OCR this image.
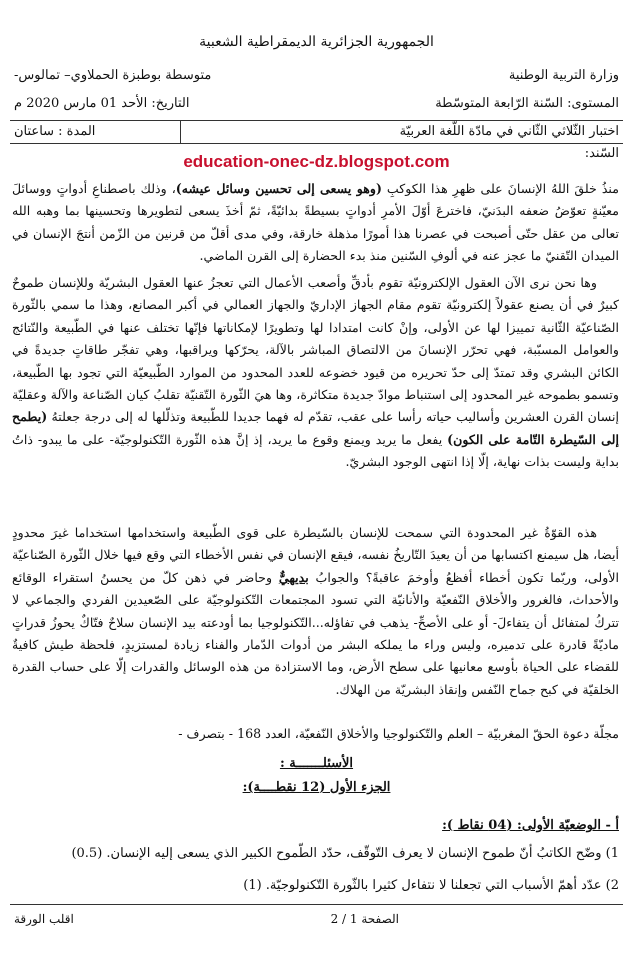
الجمهورية الجزائرية الديمقراطية الشعبية
وزارة التربية الوطنية
متوسطة بوطبزة الحملاوي– تمالوس-
المستوى: السّنة الرّابعة المتوسّطة
التاريخ: الأحد 01 مارس 2020 م
اختبار الثّلاثي الثّاني في مادّة اللّغة العربيّة
المدة : ساعتان
السّند:
education-onec-dz.blogspot.com
منذُ خلقَ اللهُ الإنسانَ على ظهرِ هذا الكوكبِ (وهو يسعى إلى تحسين وسائل عيشه)، وذلك باصطناعِ أدواتٍ ووسائلَ معيّنةٍ تعوّضُ ضعفه البدَنيّ، فاخترعَ أوّلَ الأمرِ أدواتٍ بسيطةً بدائيّةً، ثمّ أخذَ يسعى لتطويرها وتحسينها بما وهبه الله تعالى من عقل حتّى أصبحت في عصرنا هذا أمورًا مذهلة خارقة، وفي مدى أقلّ من قرنين من الزّمن أنتجَ الإنسان في الميدان التّقنيّ ما عجز عنه في ألوفِ السّنين منذ بدء الحضارة إلى القرن الماضي.
وها نحن نرى الآن العقول الإلكترونيّة تقوم بأدقِّ وأصعب الأعمال التي تعجزُ عنها العقول البشريّة وللإنسان طموحٌ كبيرٌ في أن يصنع عقولاً إلكترونيّة تقوم مقام الجهاز الإداريّ والجهاز العمالي في أكبر المصانع، وهذا ما سمي بالثّورة الصّناعيّة الثّانية تمييزا لها عن الأولى، وإنْ كانت امتدادا لها وتطويرًا لإمكاناتها فإنّها تختلف عنها في الطّبيعة والنّتائج والعوامل المسبّبة، فهي تحرّر الإنسانَ من الالتصاق المباشر بالآلة، يحرّكها ويراقبها، وهي تفجّر طاقاتٍ جديدةً في الكائن البشري وقد تمتدّ إلى حدّ تحريره من قيود خضوعه للعدد المحدود من الموارد الطّبيعيّة التي تجود بها الطّبيعة، وتسمو بطموحه غير المحدود إلى استنباط موادّ جديدة متكاثرة، وها هيَ الثّورة التّقنيّة تقلبُ كيان الصّناعة والآلة وعقليّة إنسان القرن العشرين وأساليب حياته رأسا على عقب، تقدّم له فهما جديدا للطّبيعة وتذلّلها له إلى درجة جعلتهُ (يطمح إلى السّيطرة التّامة على الكون) يفعل ما يريد ويمنع وقوع ما يريد، إذ إنَّ هذه الثّورة التّكنولوجيّة- على ما يبدو- ذاتُ بداية وليست بذات نهاية، إلّا إذا انتهى الوجود البشريّ.
هذه القوّةُ غير المحدودة التي سمحت للإنسان بالسّيطرة على قوى الطّبيعة واستخدامها استخداما غيرَ محدودٍ أيضا، هل سيمنع اكتسابها من أن يعيدَ التّاريخُ نفسه، فيقع الإنسان في نفس الأخطاء التي وقع فيها خلال الثّورة الصّناعيّة الأولى، وربّما تكون أخطاء أفظعُ وأوخمَ عاقبةً؟ والجوابُ بديهيٌّ وحاضر في ذهن كلّ من يحسنُ استقراء الوقائع والأحداث، فالغرور والأخلاق النّفعيّة والأنانيّة التي تسود المجتمعات التّكنولوجيّة على الصّعيدين الفردي والجماعي لا تتركُ لمتفائل أن يتفاءلَ- أو على الأصحِّ- يذهب في تفاؤله...التّكنولوجيا بما أودعته بيد الإنسان سلاحٌ فتّاكٌ يحوزُ قدراتٍ ماديّةً قادرة على تدميره، وليس وراء ما يملكه البشر من أدوات الدّمار والفناء زيادة لمستزيدٍ، فلحظة طيش كافيةٌ للقضاء على الحياة بأوسع معانيها على سطح الأرض، وما الاستزادة من هذه الوسائل والقدرات إلّا على حساب القدرة الخلقيّة في كبح جماح النّفس وإنقاذ البشريّة من الهلاك.
مجلّة دعوة الحقّ المغربيّة – العلم والتّكنولوجيا والأخلاق النّفعيّة، العدد 168 - بتصرف -
الأسئلـــــــة :
الجزء الأول (12 نقطــــة):
أ - الوضعيّة الأولى: (04 نقاط ):
1) وضّح الكاتبُ أنّ طموح الإنسان لا يعرف التّوقّف، حدّد الطّموح الكبير الذي يسعى إليه الإنسان. (0.5)
2) عدّد أهمّ الأسباب التي تجعلنا لا نتفاءل كثيرا بالثّورة التّكنولوجيّة. (1)
الصفحة 1 / 2
اقلب الورقة
